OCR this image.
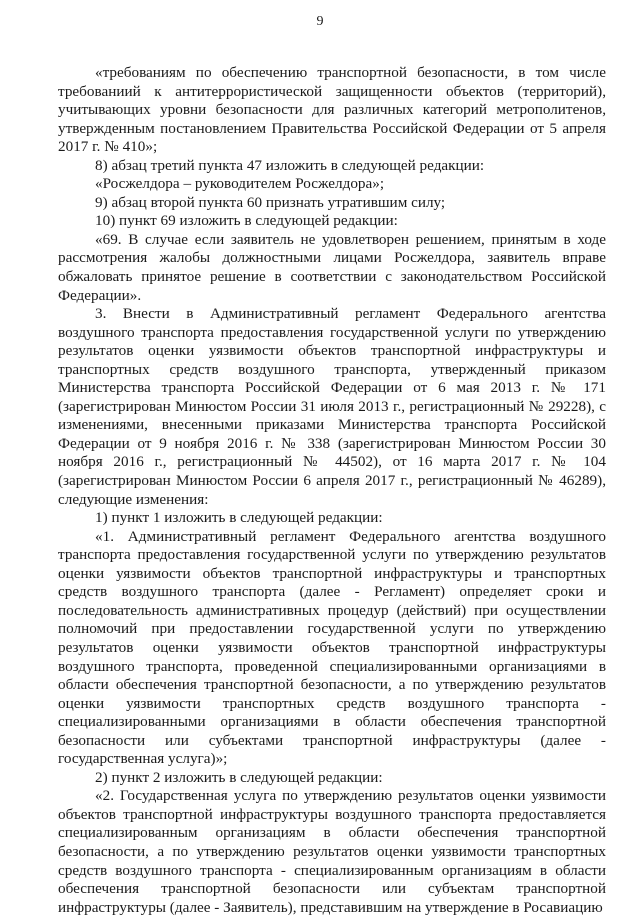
9

«требованиям по обеспечению транспортной безопасности, в том числе требованиий к антитеррористической защищенности объектов (территорий), учитывающих уровни безопасности для различных категорий метрополитенов, утвержденным постановлением Правительства Российской Федерации от 5 апреля 2017 г. № 410»;

8) абзац третий пункта 47 изложить в следующей редакции:

«Росжелдора – руководителем Росжелдора»;

9) абзац второй пункта 60 признать утратившим силу;

10) пункт 69 изложить в следующей редакции:

«69. В случае если заявитель не удовлетворен решением, принятым в ходе рассмотрения жалобы должностными лицами Росжелдора, заявитель вправе обжаловать принятое решение в соответствии с законодательством Российской Федерации».

3. Внести в Административный регламент Федерального агентства воздушного транспорта предоставления государственной услуги по утверждению результатов оценки уязвимости объектов транспортной инфраструктуры и транспортных средств воздушного транспорта, утвержденный приказом Министерства транспорта Российской Федерации от 6 мая 2013 г. № 171 (зарегистрирован Минюстом России 31 июля 2013 г., регистрационный № 29228), с изменениями, внесенными приказами Министерства транспорта Российской Федерации от 9 ноября 2016 г. № 338 (зарегистрирован Минюстом России 30 ноября 2016 г., регистрационный № 44502), от 16 марта 2017 г. № 104 (зарегистрирован Минюстом России 6 апреля 2017 г., регистрационный № 46289), следующие изменения:

1) пункт 1 изложить в следующей редакции:

«1. Административный регламент Федерального агентства воздушного транспорта предоставления государственной услуги по утверждению результатов оценки уязвимости объектов транспортной инфраструктуры и транспортных средств воздушного транспорта (далее - Регламент) определяет сроки и последовательность административных процедур (действий) при осуществлении полномочий при предоставлении государственной услуги по утверждению результатов оценки уязвимости объектов транспортной инфраструктуры воздушного транспорта, проведенной специализированными организациями в области обеспечения транспортной безопасности, а по утверждению результатов оценки уязвимости транспортных средств воздушного транспорта - специализированными организациями в области обеспечения транспортной безопасности или субъектами транспортной инфраструктуры (далее - государственная услуга)»;

2) пункт 2 изложить в следующей редакции:

«2. Государственная услуга по утверждению результатов оценки уязвимости объектов транспортной инфраструктуры воздушного транспорта предоставляется специализированным организациям в области обеспечения транспортной безопасности, а по утверждению результатов оценки уязвимости транспортных средств воздушного транспорта - специализированным организациям в области обеспечения транспортной безопасности или субъектам транспортной инфраструктуры (далее - Заявитель), представившим на утверждение в Росавиацию
